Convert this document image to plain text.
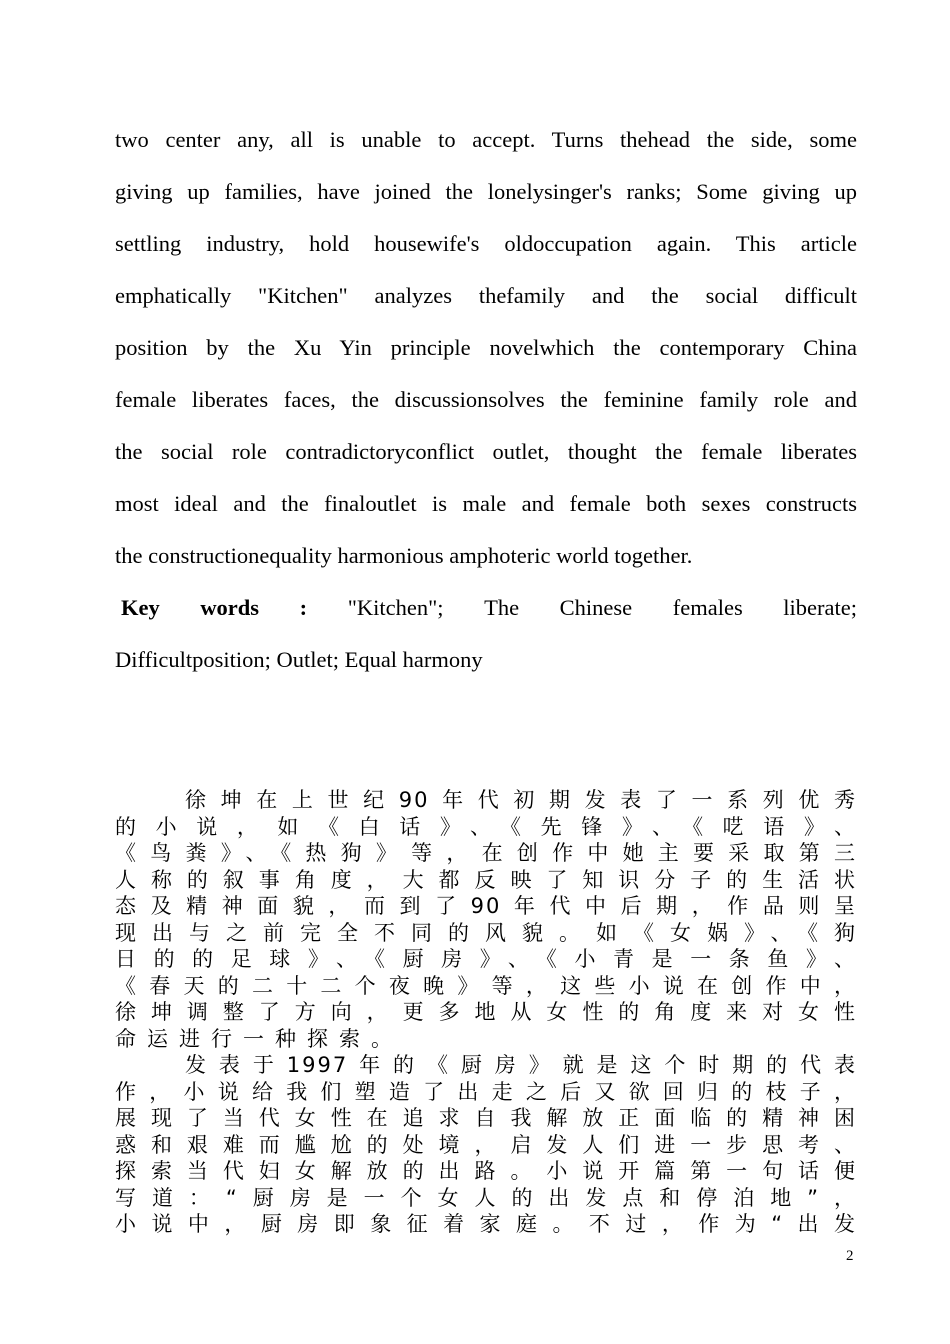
two center any, all is unable to accept. Turns thehead the side, some
giving up families, have joined the lonelysinger's ranks; Some giving up
settling industry, hold housewife's oldoccupation again. This article
emphatically "Kitchen" analyzes thefamily and the social difficult
position by the Xu Yin principle novelwhich the contemporary China
female liberates faces, the discussionsolves the feminine family role and
the social role contradictoryconflict outlet, thought the female liberates
most ideal and the finaloutlet is male and female both sexes constructs
the constructionequality harmonious amphoteric world together.
Key words : "Kitchen"; The Chinese females liberate;
Difficultposition; Outlet; Equal harmony
徐坤在上世纪90年代初期发表了一系列优秀
的小说，如《白话》、《先锋》、《呓语》、
《鸟粪》、《热狗》等，在创作中她主要采取第三
人称的叙事角度，大都反映了知识分子的生活状
态及精神面貌，而到了90年代中后期，作品则呈
现出与之前完全不同的风貌。如《女娲》、《狗
日的的足球》、《厨房》、《小青是一条鱼》、
《春天的二十二个夜晚》等，这些小说在创作中，
徐坤调整了方向，更多地从女性的角度来对女性
命运进行一种探索。
发表于1997年的《厨房》就是这个时期的代表
作，小说给我们塑造了出走之后又欲回归的枝子，
展现了当代女性在追求自我解放正面临的精神困
惑和艰难而尴尬的处境，启发人们进一步思考、
探索当代妇女解放的出路。小说开篇第一句话便
写道：“厨房是一个女人的出发点和停泊地”，
小说中，厨房即象征着家庭。不过，作为“出发
2
